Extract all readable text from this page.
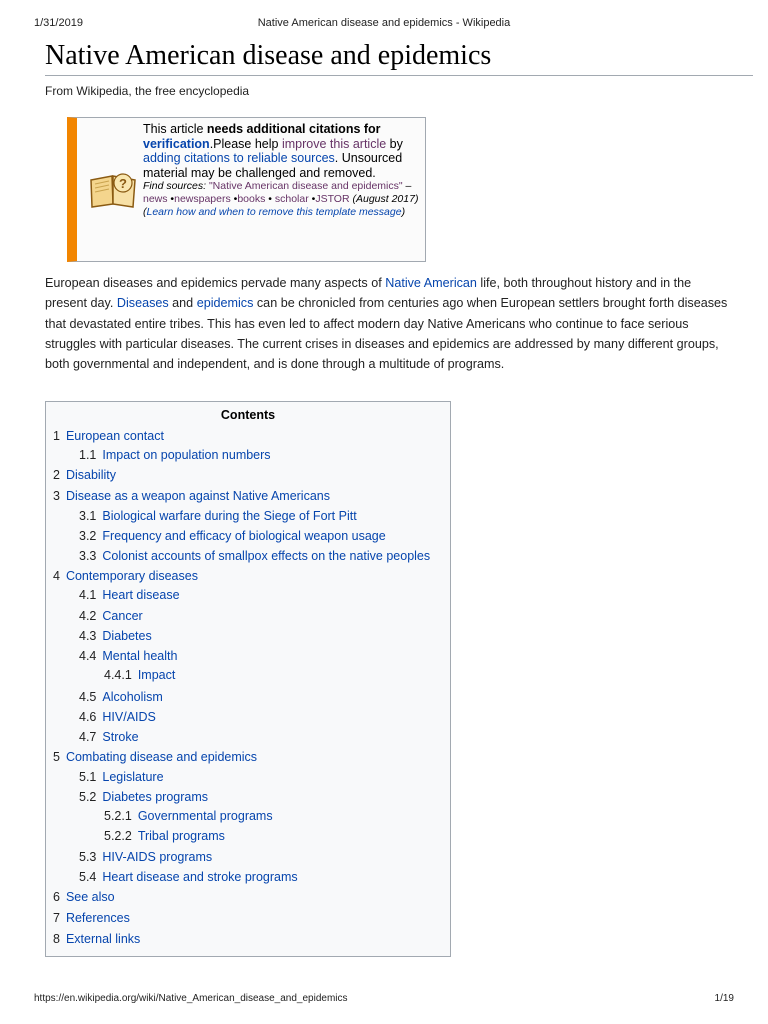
1/31/2019	Native American disease and epidemics - Wikipedia
Native American disease and epidemics
From Wikipedia, the free encyclopedia
?
This article needs additional citations for verification.Please help improve this article by adding citations to reliable sources. Unsourced material may be challenged and removed.
Find sources: "Native American disease and epidemics" –
news •newspapers •books • scholar •JSTOR (August 2017) (Learn how and when to remove this template message)

European diseases and epidemics pervade many aspects of Native American life, both throughout history and in the present day. Diseases and epidemics can be chronicled from centuries ago when European settlers brought forth diseases that devastated entire tribes. This has even led to affect modern day Native Americans who continue to face serious struggles with particular diseases. The current crises in diseases and epidemics are addressed by many different groups, both governmental and independent, and is done through a multitude of programs.

Contents
1 European contact
1.1 Impact on population numbers
2 Disability
3 Disease as a weapon against Native Americans
3.1 Biological warfare during the Siege of Fort Pitt
3.2 Frequency and efficacy of biological weapon usage
3.3 Colonist accounts of smallpox effects on the native peoples
4 Contemporary diseases
4.1 Heart disease
4.2 Cancer
4.3 Diabetes
4.4 Mental health
4.4.1 Impact
4.5 Alcoholism
4.6 HIV/AIDS
4.7 Stroke
5 Combating disease and epidemics
5.1 Legislature
5.2 Diabetes programs
5.2.1 Governmental programs
5.2.2 Tribal programs
5.3 HIV-AIDS programs
5.4 Heart disease and stroke programs
6 See also
7 References
8 External links
https://en.wikipedia.org/wiki/Native_American_disease_and_epidemics	1/19
